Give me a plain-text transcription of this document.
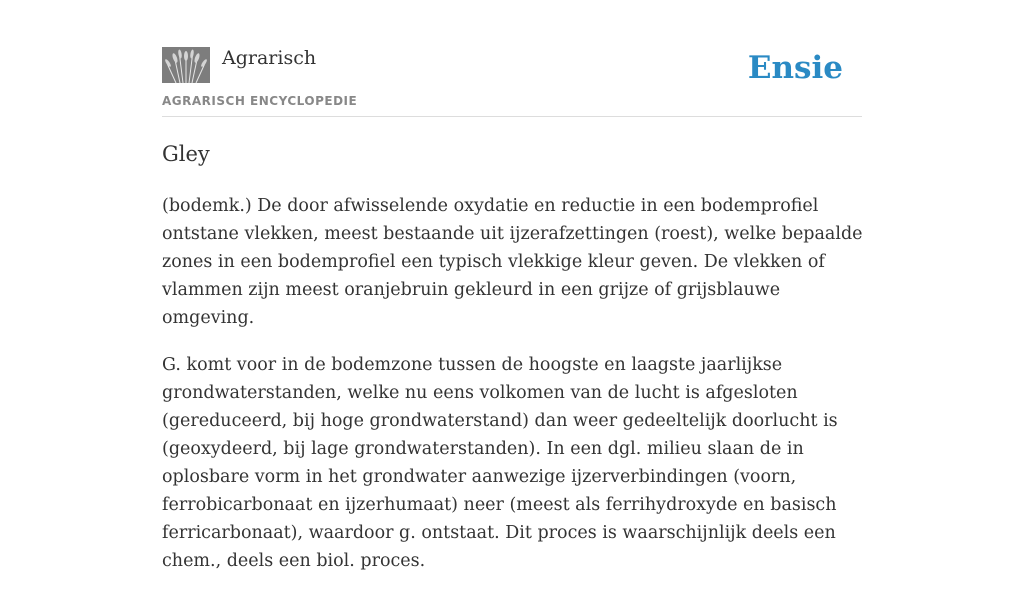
Agrarisch
AGRARISCH ENCYCLOPEDIE
Ensie
Gley

(bodemk.) De door afwisselende oxydatie en reductie in een bodemprofiel ontstane vlekken, meest bestaande uit ijzerafzettingen (roest), welke bepaalde zones in een bodemprofiel een typisch vlekkige kleur geven. De vlekken of vlammen zijn meest oranjebruin gekleurd in een grijze of grijsblauwe omgeving.

G. komt voor in de bodemzone tussen de hoogste en laagste jaarlijkse grondwaterstanden, welke nu eens volkomen van de lucht is afgesloten (gereduceerd, bij hoge grondwaterstand) dan weer gedeeltelijk doorlucht is (geoxydeerd, bij lage grondwaterstanden). In een dgl. milieu slaan de in oplosbare vorm in het grondwater aanwezige ijzerverbindingen (voorn, ferrobicarbonaat en ijzerhumaat) neer (meest als ferrihydroxyde en basisch ferricarbonaat), waardoor g. ontstaat. Dit proces is waarschijnlijk deels een chem., deels een biol. proces.
